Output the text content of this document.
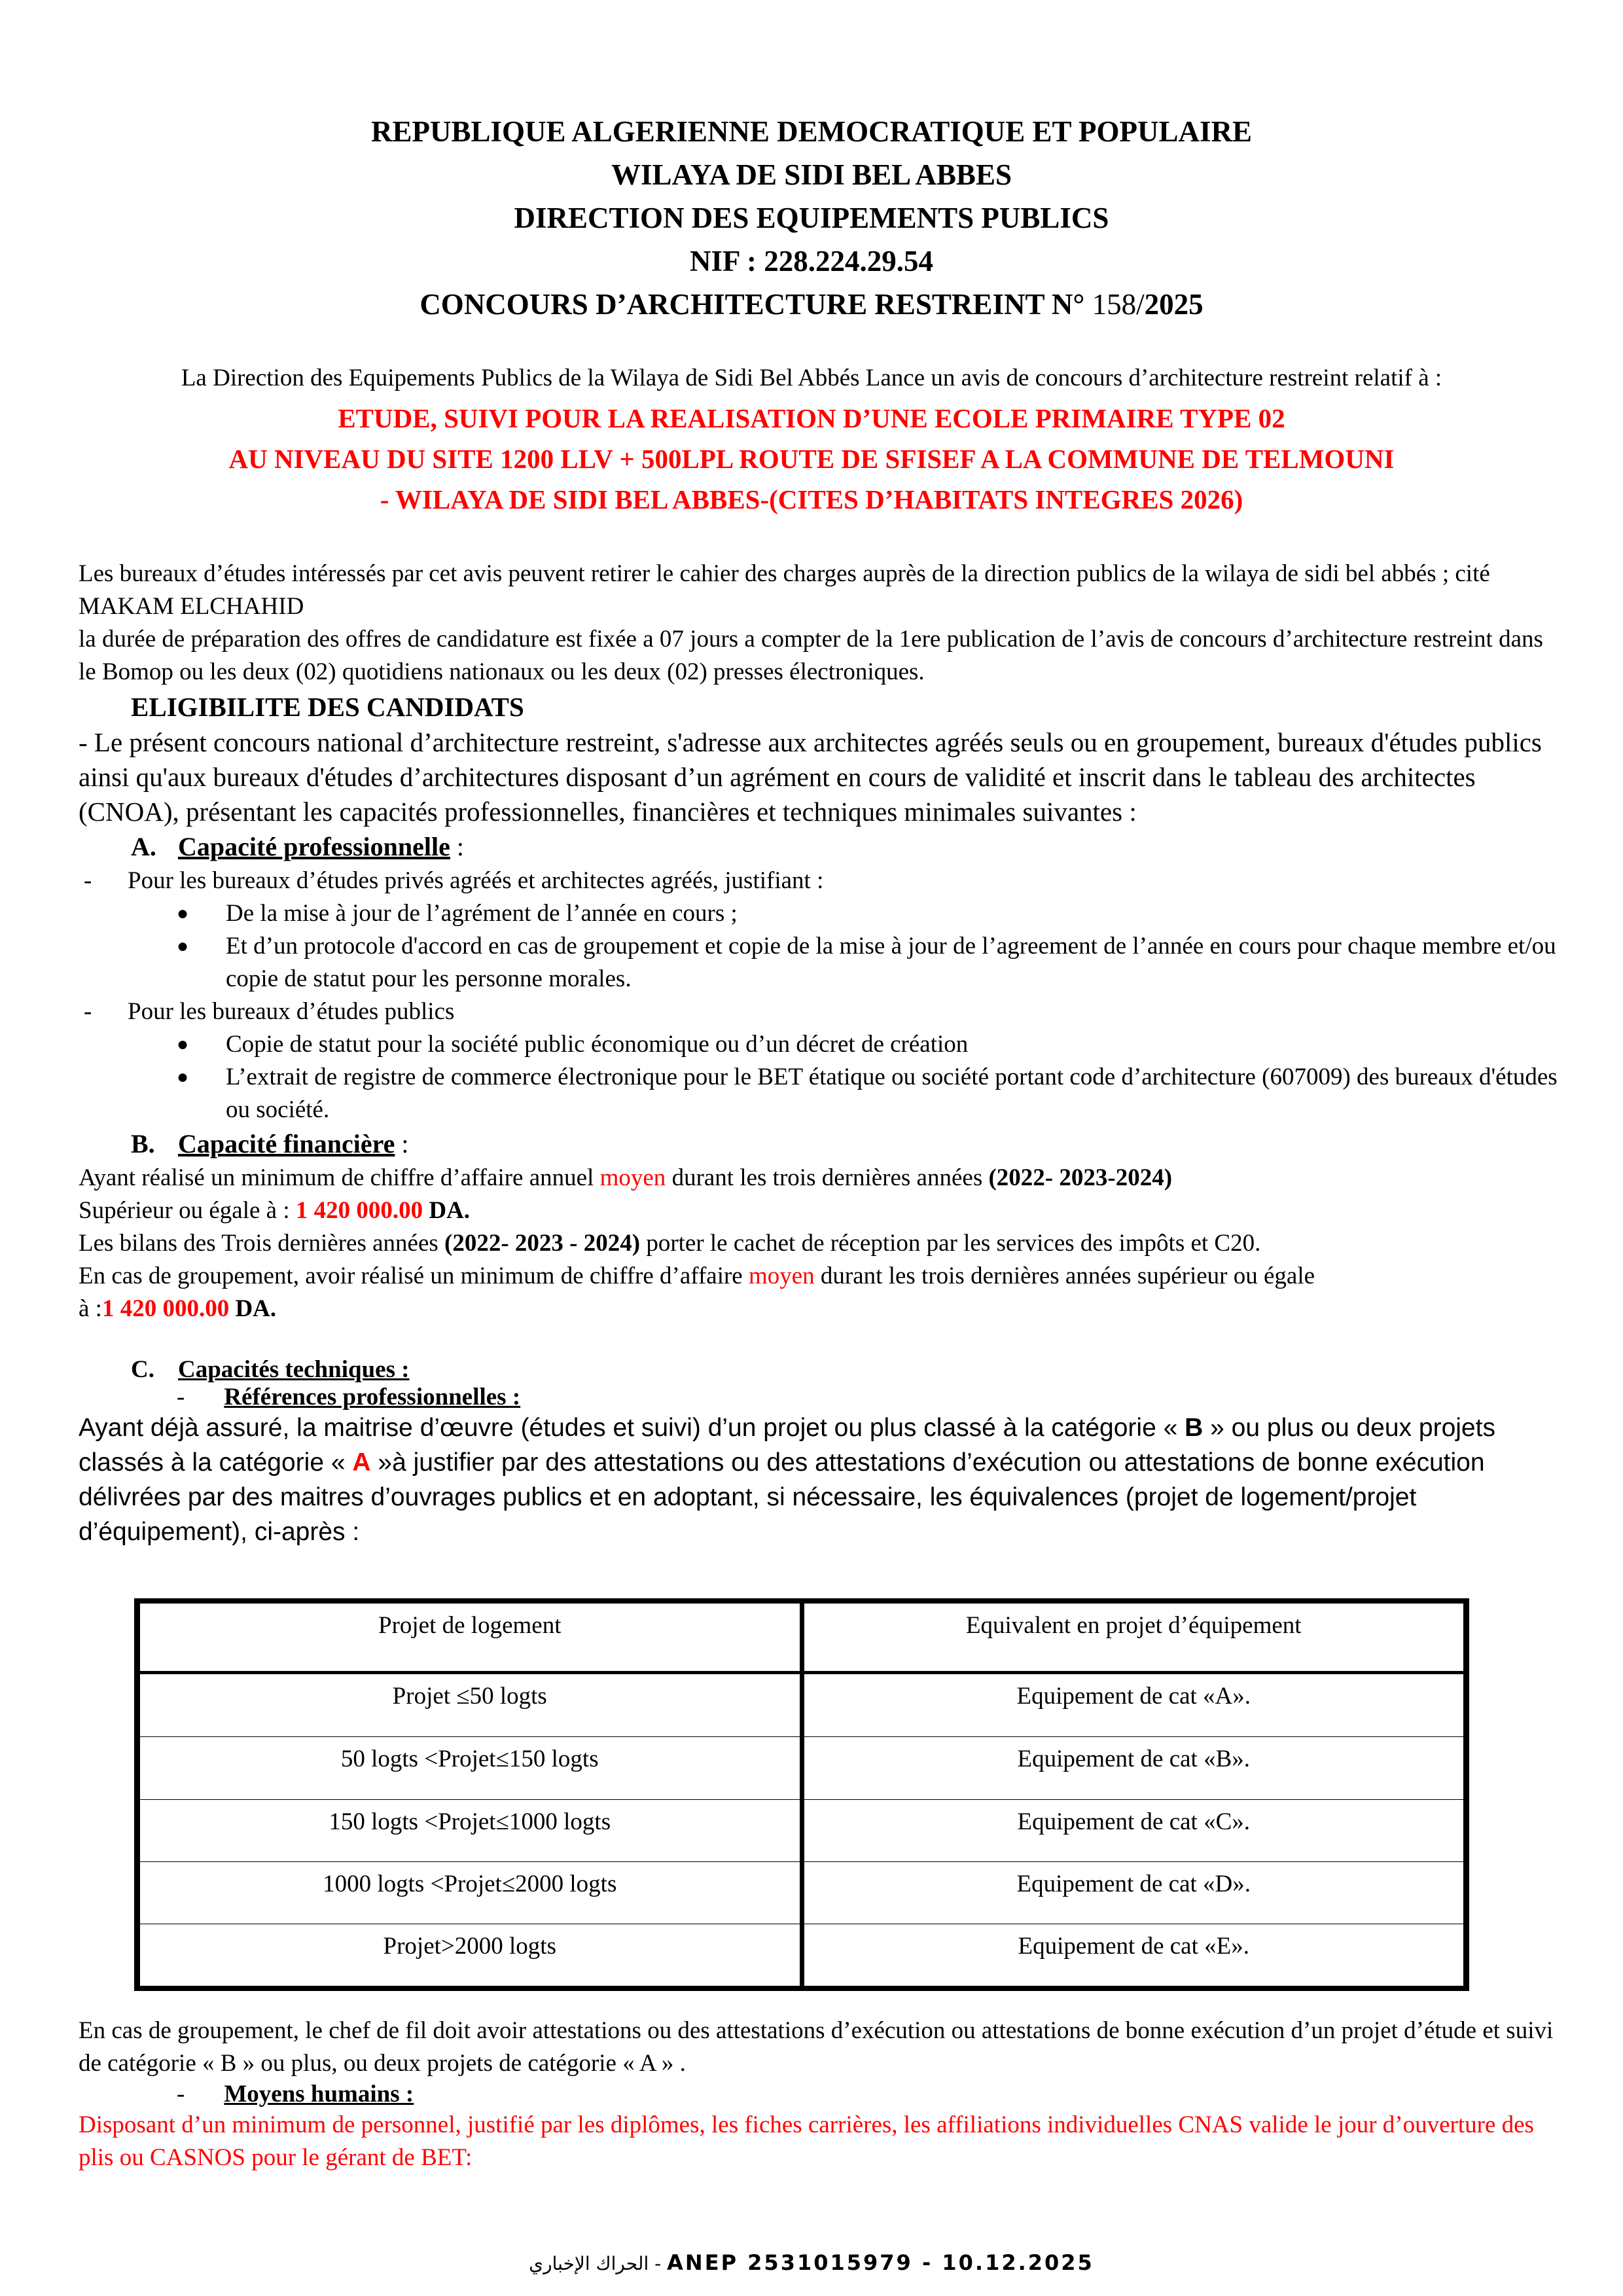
REPUBLIQUE ALGERIENNE DEMOCRATIQUE ET POPULAIRE
WILAYA DE SIDI BEL ABBES
DIRECTION DES EQUIPEMENTS PUBLICS
NIF : 228.224.29.54
CONCOURS D’ARCHITECTURE RESTREINT N° 158/2025
La Direction des Equipements Publics de la Wilaya de Sidi Bel Abbés Lance un avis de concours d’architecture restreint relatif à :
ETUDE, SUIVI POUR LA REALISATION D’UNE ECOLE PRIMAIRE TYPE 02
AU NIVEAU DU SITE 1200 LLV + 500LPL ROUTE DE SFISEF A LA COMMUNE DE TELMOUNI
- WILAYA DE SIDI BEL ABBES-(CITES D’HABITATS INTEGRES 2026)

Les bureaux d’études intéressés par cet avis peuvent retirer le cahier des charges auprès de la direction publics de la wilaya de sidi bel abbés ; cité MAKAM ELCHAHID

la durée de préparation des offres de candidature est fixée a 07 jours a compter de la 1ere publication de l’avis de concours d’architecture restreint dans le Bomop ou les deux (02) quotidiens nationaux ou les deux (02) presses électroniques.

ELIGIBILITE DES CANDIDATS

- Le présent concours national d’architecture restreint, s'adresse aux architectes agréés seuls ou en groupement, bureaux d'études publics ainsi qu'aux bureaux d'études d’architectures disposant d’un agrément en cours de validité et inscrit dans le tableau des architectes (CNOA), présentant les capacités professionnelles, financières et techniques minimales suivantes :

A. Capacité professionnelle :
- Pour les bureaux d’études privés agréés et architectes agréés, justifiant :
● De la mise à jour de l’agrément de l’année en cours ;
● Et d’un protocole d'accord en cas de groupement et copie de la mise à jour de l’agreement de l’année en cours pour chaque membre et/ou copie de statut pour les personne morales.
- Pour les bureaux d’études publics
● Copie de statut pour la société public économique ou d’un décret de création
● L’extrait de registre de commerce électronique pour le BET étatique ou société portant code d’architecture (607009) des bureaux d'études ou société.
B. Capacité financière :

Ayant réalisé un minimum de chiffre d’affaire annuel moyen durant les trois dernières années (2022- 2023-2024)

Supérieur ou égale à : 1 420 000.00 DA.

Les bilans des Trois dernières années (2022- 2023 - 2024) porter le cachet de réception par les services des impôts et C20.

En cas de groupement, avoir réalisé un minimum de chiffre d’affaire moyen durant les trois dernières années supérieur ou égale

à :1 420 000.00 DA.

C. Capacités techniques :
- Références professionnelles :

Ayant déjà assuré, la maitrise d’œuvre (études et suivi) d’un projet ou plus classé à la catégorie « B » ou plus ou deux projets classés à la catégorie « A »à justifier par des attestations ou des attestations d’exécution ou attestations de bonne exécution délivrées par des maitres d’ouvrages publics et en adoptant, si nécessaire, les équivalences (projet de logement/projet d’équipement), ci-après :

Projet de logement	Equivalent en projet d’équipement
Projet ≤50 logts	Equipement de cat «A».
50 logts <Projet≤150 logts	Equipement de cat «B».
150 logts <Projet≤1000 logts	Equipement de cat «C».
1000 logts <Projet≤2000 logts	Equipement de cat «D».
Projet>2000 logts	Equipement de cat «E».

En cas de groupement, le chef de fil doit avoir attestations ou des attestations d’exécution ou attestations de bonne exécution d’un projet d’étude et suivi de catégorie « B » ou plus, ou deux projets de catégorie « A » .

- Moyens humains :

Disposant d’un minimum de personnel, justifié par les diplômes, les fiches carrières, les affiliations individuelles CNAS valide le jour d’ouverture des plis ou CASNOS pour le gérant de BET:

الحراك الإخباري - ANEP 2531015979 - 10.12.2025
